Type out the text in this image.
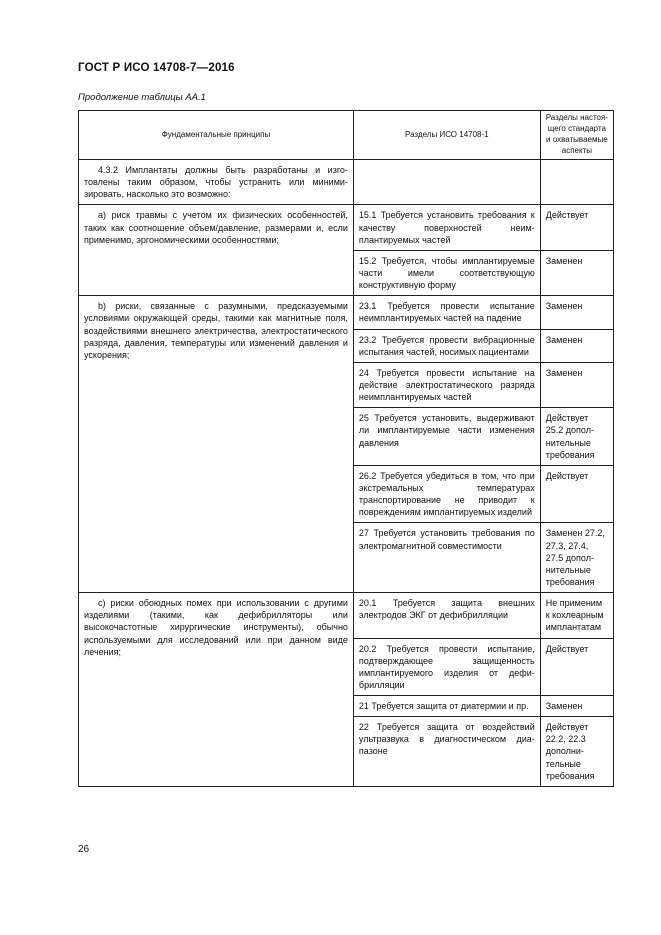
ГОСТ Р ИСО 14708-7—2016
Продолжение таблицы АА.1
Фундаментальные принципы	Разделы ИСО 14708-1	Разделы настоящего стандарта и охватываемые аспекты

4.3.2 Имплантаты должны быть разработаны и изготовлены таким образом, чтобы устранить или минимизировать, насколько это возможно:		

а) риск травмы с учетом их физических особенностей, таких как соотношение объем/давление, размерами и, если применимо, эргономическими особенностями;	15.1 Требуется установить требования к качеству поверхностей неимплантируемых частей	Действует
	15.2 Требуется, чтобы имплантируемые части имели соответствующую конструктивную форму	Заменен

b) риски, связанные с разумными, предсказуемыми условиями окружающей среды, такими как магнитные поля, воздействиями внешнего электричества, электростатического разряда, давления, температуры или изменений давления и ускорения;	23.1 Требуется провести испытание неимплантируемых частей на падение	Заменен
	23.2 Требуется провести вибрационные испытания частей, носимых пациентами	Заменен
	24 Требуется провести испытание на действие электростатического разряда неимплантируемых частей	Заменен
	25 Требуется установить, выдерживают ли имплантируемые части изменения давления	Действует 25.2 дополнительные требования
	26.2 Требуется убедиться в том, что при экстремальных температурах транспортирование не приводит к повреждениям имплантируемых изделий	Действует
	27 Требуется установить требования по электромагнитной совместимости	Заменен 27.2, 27.3, 27.4, 27.5 дополнительные требования

с) риски обоюдных помех при использовании с другими изделиями (такими, как дефибрилляторы или высокочастотные хирургические инструменты), обычно используемыми для исследований или при данном виде лечения;	20.1 Требуется защита внешних электродов ЭКГ от дефибрилляции	Не применим к кохлеарным имплантатам
	20.2 Требуется провести испытание, подтверждающее защищенность имплантируемого изделия от дефибрилляции	Действует
	21 Требуется защита от диатермии и пр.	Заменен
	22 Требуется защита от воздействий ультразвука в диагностическом диапазоне	Действует 22.2, 22.3 дополнительные требования
26
